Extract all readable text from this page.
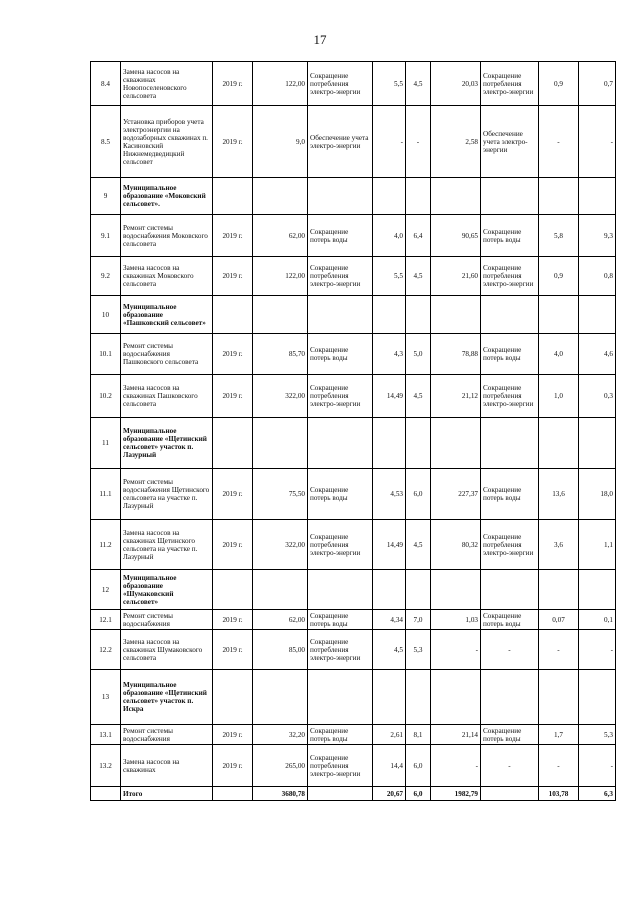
17
8.4	Замена насосов на скважинах Новопоселеновского сельсовета	2019 г.	122,00	Сокращение потребления электро-энергии	5,5	4,5	20,03	Сокращение потребления электро-энергии	0,9	0,7
8.5	Установка приборов учета электроэнергии на водозаборных скважинах п. Касиновский Нижнемедведицкий сельсовет	2019 г.	9,0	Обеспечение учета электро-энергии	-	-	2,58	Обеспечение учета электро-энергии	-	-
9	Муниципальное образование «Моковский сельсовет».									
9.1	Ремонт системы водоснабжения Моковского сельсовета	2019 г.	62,00	Сокращение потерь воды	4,0	6,4	90,65	Сокращение потерь воды	5,8	9,3
9.2	Замена насосов на скважинах Моковского сельсовета	2019 г.	122,00	Сокращение потребления электро-энергии	5,5	4,5	21,60	Сокращение потребления электро-энергии	0,9	0,8
10	Муниципальное образование «Пашковский сельсовет»									
10.1	Ремонт системы водоснабжения Пашковского сельсовета	2019 г.	85,70	Сокращение потерь воды	4,3	5,0	78,88	Сокращение потерь воды	4,0	4,6
10.2	Замена насосов на скважинах Пашковского сельсовета	2019 г.	322,00	Сокращение потребления электро-энергии	14,49	4,5	21,12	Сокращение потребления электро-энергии	1,0	0,3
11	Муниципальное образование «Щетинский сельсовет» участок п. Лазурный									
11.1	Ремонт системы водоснабжения Щетинского сельсовета на участке п. Лазурный	2019 г.	75,50	Сокращение потерь воды	4,53	6,0	227,37	Сокращение потерь воды	13,6	18,0
11.2	Замена насосов на скважинах Щетинского сельсовета на участке п. Лазурный	2019 г.	322,00	Сокращение потребления электро-энергии	14,49	4,5	80,32	Сокращение потребления электро-энергии	3,6	1,1
12	Муниципальное образование «Шумаковский сельсовет»									
12.1	Ремонт системы водоснабжения	2019 г.	62,00	Сокращение потерь воды	4,34	7,0	1,03	Сокращение потерь воды	0,07	0,1
12.2	Замена насосов на скважинах Шумаковского сельсовета	2019 г.	85,00	Сокращение потребления электро-энергии	4,5	5,3	-	-	-	-
13	Муниципальное образование «Щетинский сельсовет» участок п. Искра									
13.1	Ремонт системы водоснабжения	2019 г.	32,20	Сокращение потерь воды	2,61	8,1	21,14	Сокращение потерь воды	1,7	5,3
13.2	Замена насосов на скважинах	2019 г.	265,00	Сокращение потребления электро-энергии	14,4	6,0	-	-	-	-
	Итого		3680,78		20,67	6,0	1982,79		103,78	6,3
